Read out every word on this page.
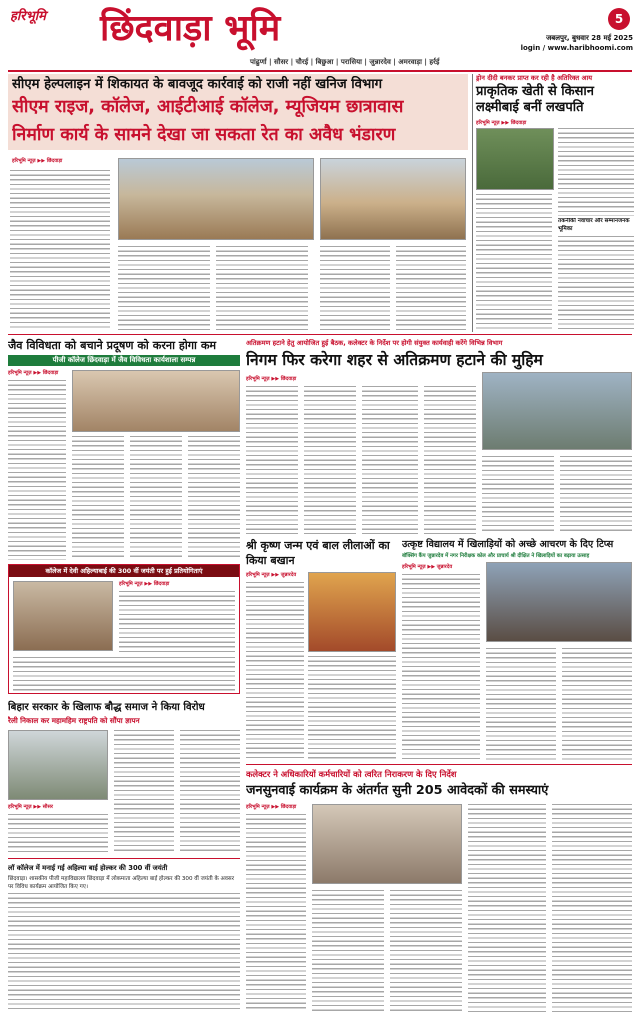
हरिभूमि छिंदवाड़ा भूमि	5
जबलपुर, बुधवार 28 मई 2025
login / www.haribhoomi.com
पांढुर्णा | सौसर | चौरई | बिछुआ | परासिया | जुन्नारदेव | अमरवाड़ा | हर्रई
सीएम हेल्पलाइन में शिकायत के बावजूद कार्रवाई को राजी नहीं खनिज विभाग
सीएम राइज, कॉलेज, आईटीआई कॉलेज, म्यूजियम छात्रावास
निर्माण कार्य के सामने देखा जा सकता रेत का अवैध भंडारण
हरिभूमि न्यूज़ ▶▶ छिंदवाड़ा
ड्रोन दीदी बनकर प्राप्त कर रही है अतिरिक्त आय
प्राकृतिक खेती से किसान लक्ष्मीबाई बनीं लखपति
हरिभूमि न्यूज़ ▶▶ छिंदवाड़ा
तकनीकी नवाचार और सम्मानजनक भूमिका
जैव विविधता को बचाने प्रदूषण को करना होगा कम
पीजी कॉलेज छिंदवाड़ा में जैव विविधता कार्यशाला सम्पन्न
हरिभूमि न्यूज़ ▶▶ छिंदवाड़ा
अतिक्रमण हटाने हेतु आयोजित हुई बैठक, कलेक्टर के निर्देश पर होगी संयुक्त कार्यवाही करेंगे विभिन्न विभाग
निगम फिर करेगा शहर से अतिक्रमण हटाने की मुहिम
हरिभूमि न्यूज़ ▶▶ छिंदवाड़ा
कॉलेज में देवी अहिल्याबाई की 300 वीं जयंती पर हुई प्रतियोगिताएं
हरिभूमि न्यूज़ ▶▶ छिंदवाड़ा
श्री कृष्ण जन्म एवं बाल लीलाओं का किया बखान
हरिभूमि न्यूज़ ▶▶ जुन्नारदेव
उत्कृष्ट विद्यालय में खिलाड़ियों को अच्छे आचरण के दिए टिप्स
बॉक्सिंग कैंप जुन्नारदेव में नगर निरीक्षक कोल और प्राचार्य श्री दीक्षित ने खिलाड़ियों का बढ़ाया उत्साह
हरिभूमि न्यूज़ ▶▶ जुन्नारदेव
बिहार सरकार के खिलाफ बौद्ध समाज ने किया विरोध
रैली निकाल कर महामहिम राष्ट्रपति को सौंपा ज्ञापन
हरिभूमि न्यूज़ ▶▶ सौसर
कलेक्टर ने अधिकारियों कर्मचारियों को त्वरित निराकरण के दिए निर्देश
जनसुनवाई कार्यक्रम के अंतर्गत सुनी 205 आवेदकों की समस्याएं
हरिभूमि न्यूज़ ▶▶ छिंदवाड़ा
लॉ कॉलेज में मनाई गई अहिल्या बाई होल्कर की 300 वीं जयंती
छिंदवाड़ा। शासकीय पीजी महाविद्यालय छिंदवाड़ा में लोकमाता अहिल्या बाई होल्कर की 300 वीं जयंती के अवसर पर विविध कार्यक्रम आयोजित किए गए।
